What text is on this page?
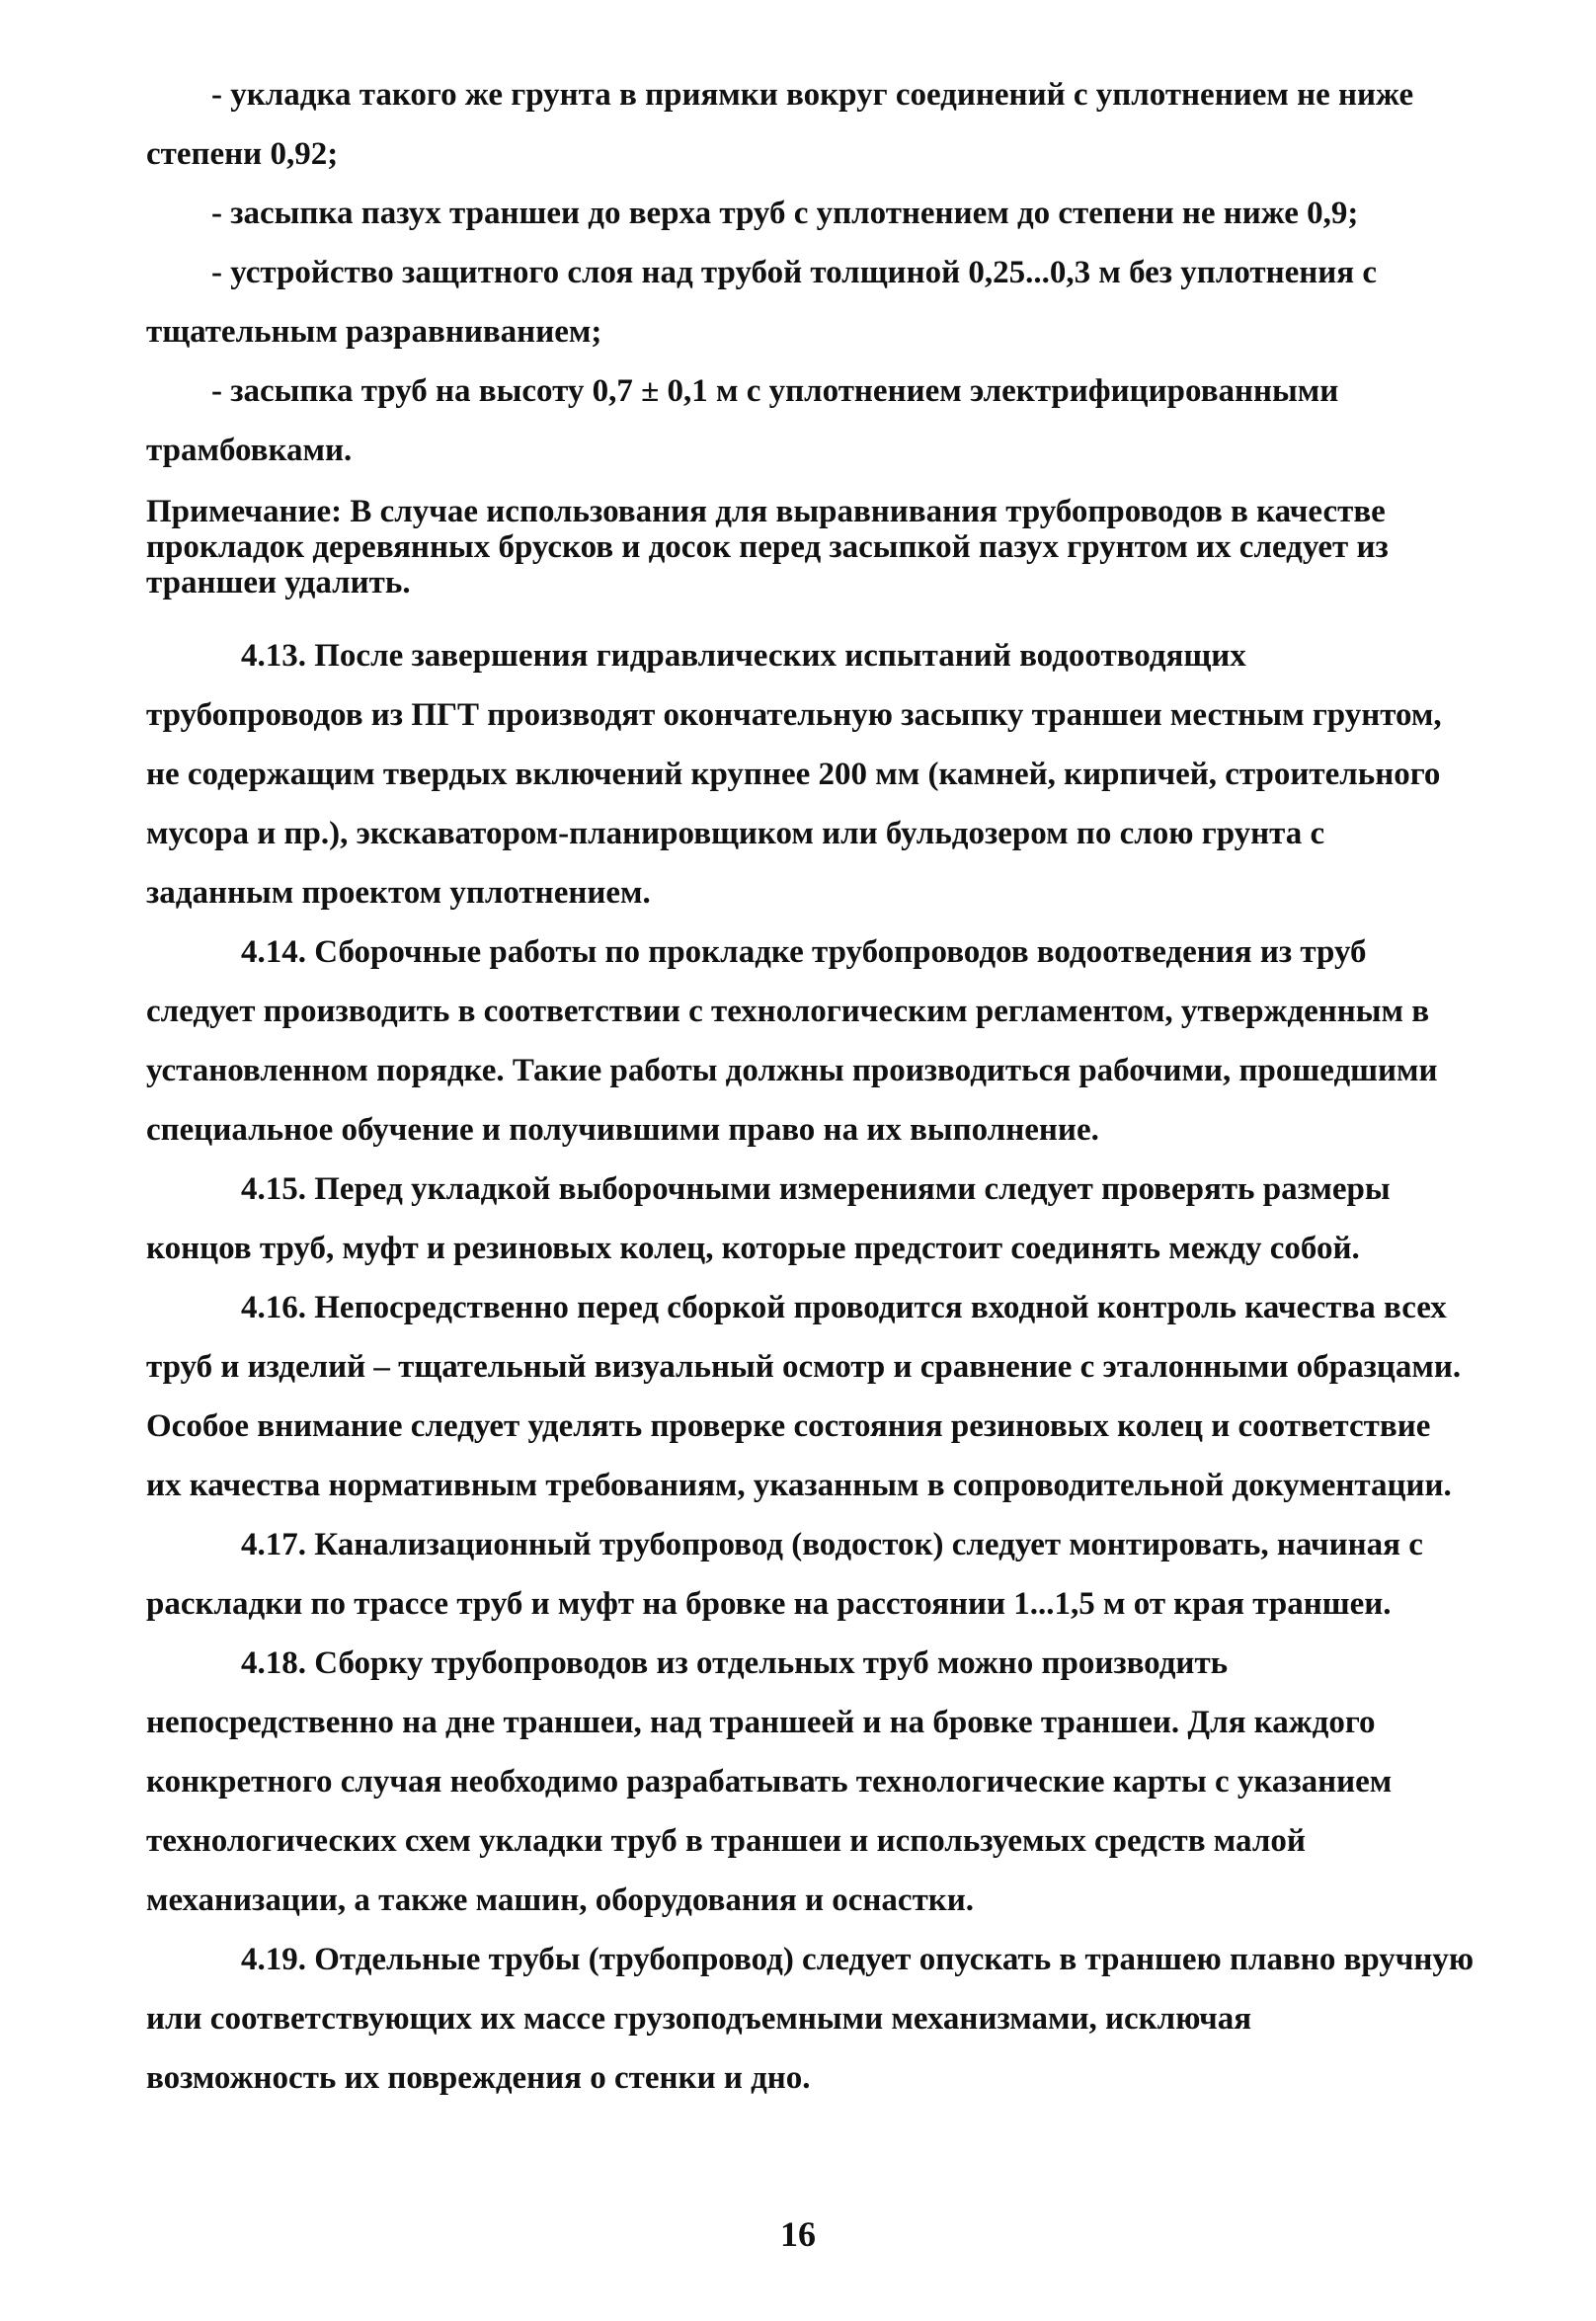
- укладка такого же грунта в приямки вокруг соединений с уплотнением не ниже
степени 0,92;
- засыпка пазух траншеи до верха труб с уплотнением до степени не ниже 0,9;
- устройство защитного слоя над трубой толщиной 0,25...0,3 м без уплотнения с
тщательным разравниванием;
- засыпка труб на высоту 0,7 ± 0,1 м с уплотнением электрифицированными
трамбовками.
Примечание: В случае использования для выравнивания трубопроводов в качестве
прокладок деревянных брусков и досок перед засыпкой пазух грунтом их следует из
траншеи удалить.
4.13. После завершения гидравлических испытаний водоотводящих
трубопроводов из ПГТ производят окончательную засыпку траншеи местным грунтом,
не содержащим твердых включений крупнее 200 мм (камней, кирпичей, строительного
мусора и пр.), экскаватором-планировщиком или бульдозером по слою грунта с
заданным проектом уплотнением.
4.14. Сборочные работы по прокладке трубопроводов водоотведения из труб
следует производить в соответствии с технологическим регламентом, утвержденным в
установленном порядке. Такие работы должны производиться рабочими, прошедшими
специальное обучение и получившими право на их выполнение.
4.15. Перед укладкой выборочными измерениями следует проверять размеры
концов труб, муфт и резиновых колец, которые предстоит соединять между собой.
4.16. Непосредственно перед сборкой проводится входной контроль качества всех
труб и изделий – тщательный визуальный осмотр и сравнение с эталонными образцами.
Особое внимание следует уделять проверке состояния резиновых колец и соответствие
их качества нормативным требованиям, указанным в сопроводительной документации.
4.17. Канализационный трубопровод (водосток) следует монтировать, начиная с
раскладки по трассе труб и муфт на бровке на расстоянии 1...1,5 м от края траншеи.
4.18. Сборку трубопроводов из отдельных труб можно производить
непосредственно на дне траншеи, над траншеей и на бровке траншеи. Для каждого
конкретного случая необходимо разрабатывать технологические карты с указанием
технологических схем укладки труб в траншеи и используемых средств малой
механизации, а также машин, оборудования и оснастки.
4.19. Отдельные трубы (трубопровод) следует опускать в траншею плавно вручную
или соответствующих их массе грузоподъемными механизмами, исключая
возможность их повреждения о стенки и дно.
16
